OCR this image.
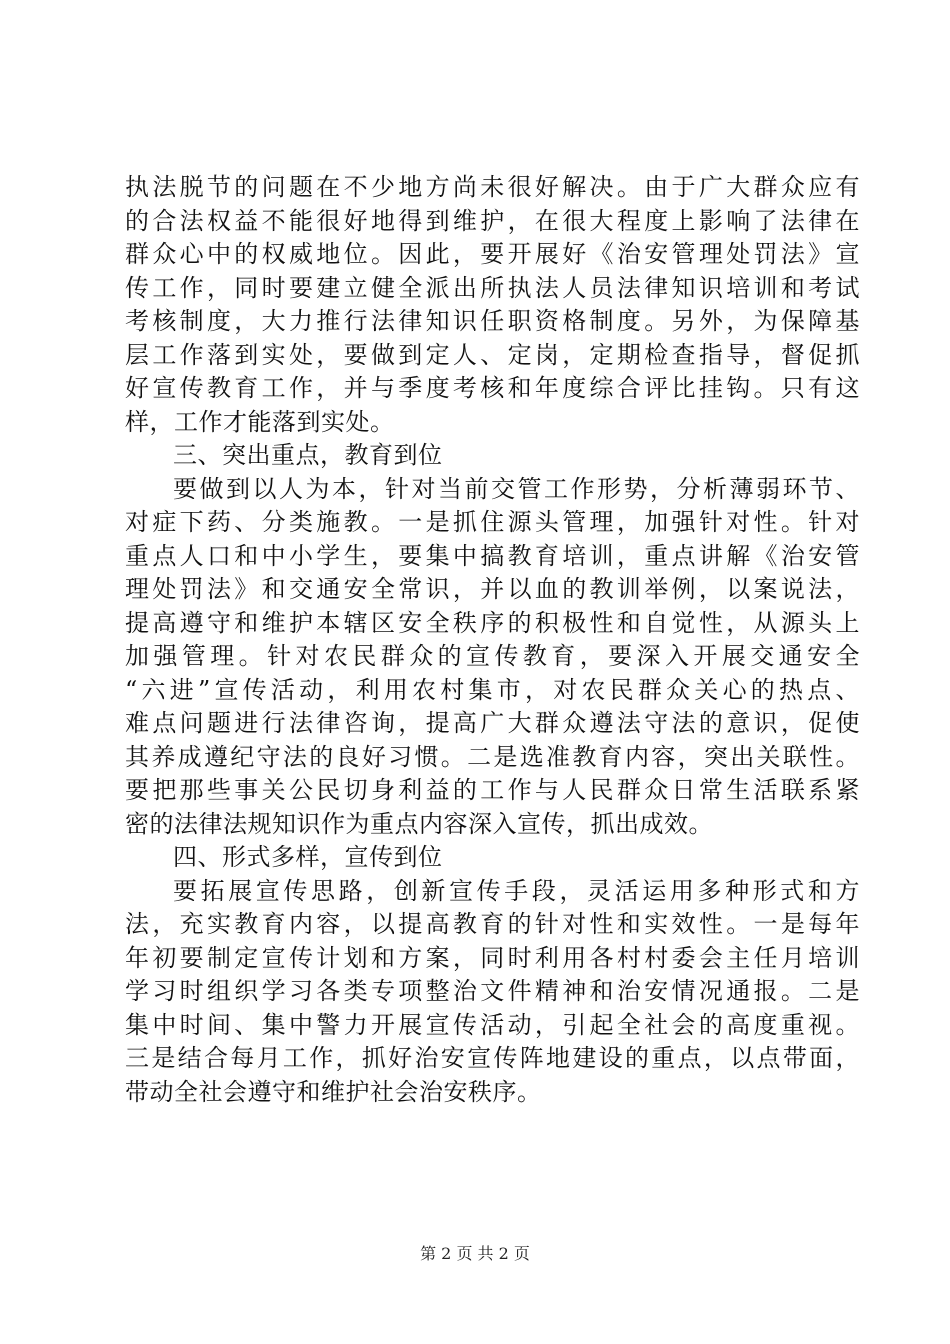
执法脱节的问题在不少地方尚未很好解决。由于广大群众应有
的合法权益不能很好地得到维护，在很大程度上影响了法律在
群众心中的权威地位。因此，要开展好《治安管理处罚法》宣
传工作，同时要建立健全派出所执法人员法律知识培训和考试
考核制度，大力推行法律知识任职资格制度。另外，为保障基
层工作落到实处，要做到定人、定岗，定期检查指导，督促抓
好宣传教育工作，并与季度考核和年度综合评比挂钩。只有这
样，工作才能落到实处。
三、突出重点，教育到位
要做到以人为本，针对当前交管工作形势，分析薄弱环节、
对症下药、分类施教。一是抓住源头管理，加强针对性。针对
重点人口和中小学生，要集中搞教育培训，重点讲解《治安管
理处罚法》和交通安全常识，并以血的教训举例，以案说法，
提高遵守和维护本辖区安全秩序的积极性和自觉性，从源头上
加强管理。针对农民群众的宣传教育，要深入开展交通安全
“六进”宣传活动，利用农村集市，对农民群众关心的热点、
难点问题进行法律咨询，提高广大群众遵法守法的意识，促使
其养成遵纪守法的良好习惯。二是选准教育内容，突出关联性。
要把那些事关公民切身利益的工作与人民群众日常生活联系紧
密的法律法规知识作为重点内容深入宣传，抓出成效。
四、形式多样，宣传到位
要拓展宣传思路，创新宣传手段，灵活运用多种形式和方
法，充实教育内容，以提高教育的针对性和实效性。一是每年
年初要制定宣传计划和方案，同时利用各村村委会主任月培训
学习时组织学习各类专项整治文件精神和治安情况通报。二是
集中时间、集中警力开展宣传活动，引起全社会的高度重视。
三是结合每月工作，抓好治安宣传阵地建设的重点，以点带面，
带动全社会遵守和维护社会治安秩序。
第 2 页 共 2 页
